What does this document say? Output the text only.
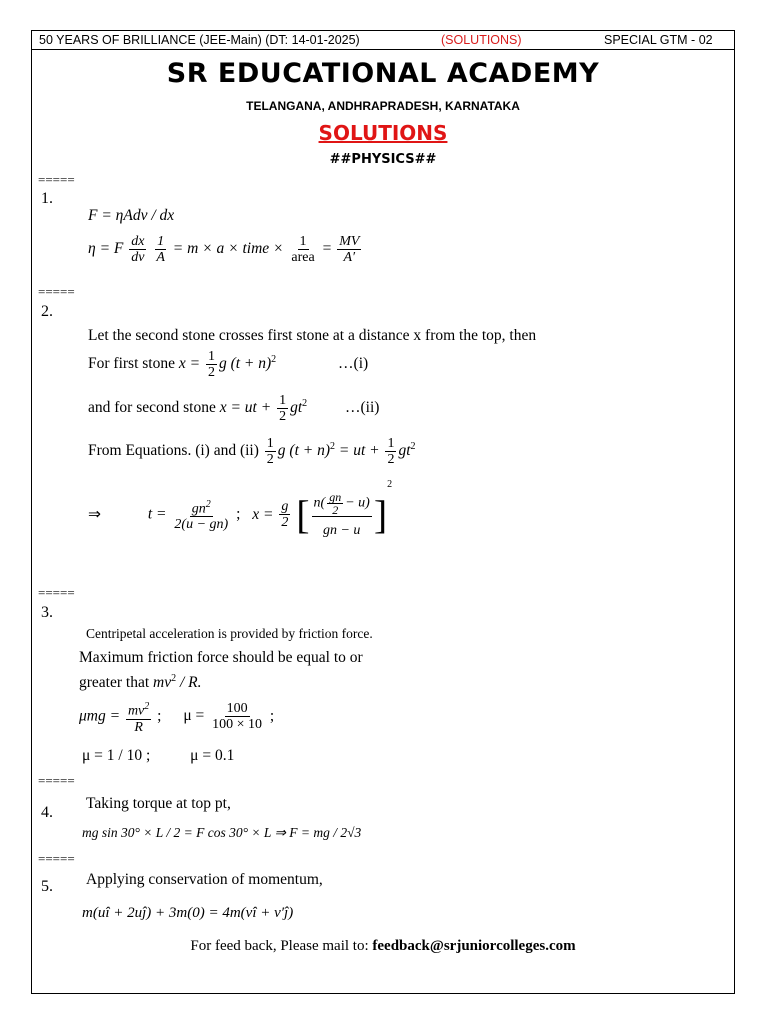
50 YEARS OF BRILLIANCE (JEE-Main) (DT: 14-01-2025)	(SOLUTIONS)	SPECIAL GTM - 02
SR EDUCATIONAL ACADEMY
TELANGANA, ANDHRAPRADESH, KARNATAKA
SOLUTIONS
##PHYSICS##
=====
1.
F = ηAdv / dx
η = F $\frac{dx}{dv}$
$\frac{1}{A} = m \times a$ × time × $\frac{1}{\text{area}} = \frac{MV}{A'}$
=====
2.
Let the second stone crosses first stone at a distance x from the top, then
For first stone $x = \frac{1}{2}$ g $(t + n)^2$	…(i)
and for second stone x = ut + $\frac{1}{2} gt^2$ …(ii)
From Equations. (i) and $(ii) \frac{1}{2}$ g $(t + n)^2$ = ut + $\frac{1}{2} gt^2$
⇒	$t = \frac{gn^2}{2(u - gn)}$ ; $x = \frac{g}{2}$ [ $\frac{n( \frac{gn}{2} - u)}{gn - u} ]^2$
=====
3.
Centripetal acceleration is provided by friction force.
Maximum friction force should be equal to or
greater that $mv^2$ / R.
$\mu mg = \frac{mv^2}{R}$ ; $\mu = \frac{100}{100 \times 10}$ ;
μ = 1 / 10 ;	μ = 0.1
=====
Taking torque at top pt,
4.
mg sin 30° × L / 2 = F cos 30° × L ⇒ F = mg / 2√3
=====
Applying conservation of momentum,
5.
m(uî + 2uĵ) + 3m(0) = 4m(vî + v′ĵ)
For feed back, Please mail to: feedback@srjuniorcolleges.com
